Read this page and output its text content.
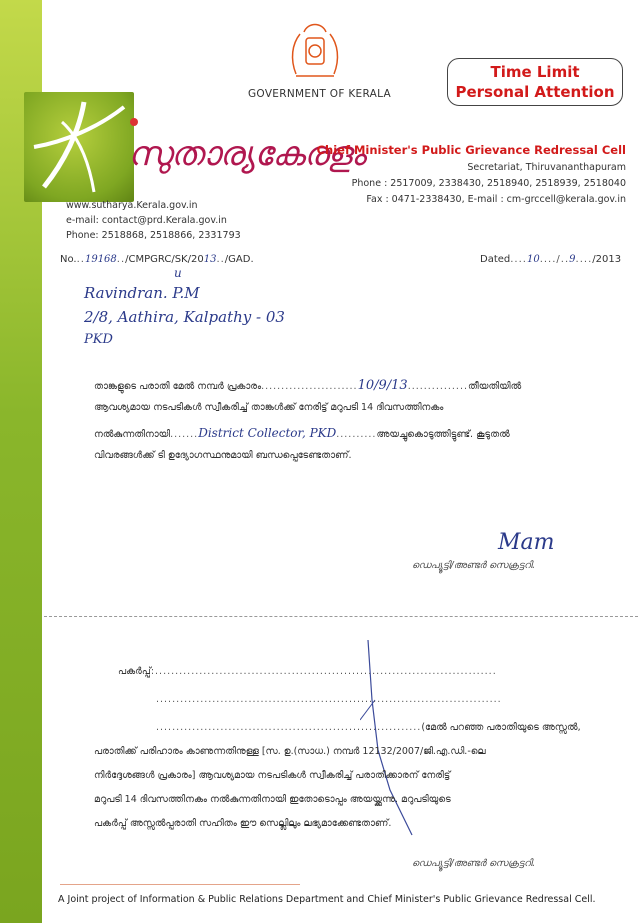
സുതാര്യകേരളം
GOVERNMENT OF KERALA
Time Limit
Personal Attention
Chief Minister's Public Grievance Redressal Cell
Secretariat, Thiruvananthapuram
Phone : 2517009, 2338430, 2518940, 2518939, 2518040
Fax : 0471-2338430, E-mail : cm-grccell@kerala.gov.in
www.sutharya.Kerala.gov.in
e-mail: contact@prd.Kerala.gov.in
Phone: 2518868, 2518866, 2331793
No...19168../CMPGRC/SK/2013../GAD.
u
Dated....10..../..9..../2013
Ravindran. P.M
2/8, Aathira, Kalpathy - 03
PKD
താങ്കളുടെ പരാതി മേൽ നമ്പർ പ്രകാരം........................10/9/13...............തീയതിയിൽ
ആവശ്യമായ നടപടികൾ സ്വീകരിച്ച് താങ്കൾക്ക് നേരിട്ട് മറുപടി 14 ദിവസത്തിനകം
നൽകുന്നതിനായി.......District Collector, PKD..........അയച്ചുകൊടുത്തിട്ടുണ്ട്. കൂടുതൽ
വിവരങ്ങൾക്ക് ടി ഉദ്യോഗസ്ഥനുമായി ബന്ധപ്പെടേണ്ടതാണ്.
Mam
ഡെപ്യൂട്ടി/അണ്ടർ സെക്രട്ടറി.
പകർപ്പ്:.....................................................................................
......................................................................................
..................................................................(മേൽ പറഞ്ഞ പരാതിയുടെ അസ്സൽ,
പരാതിക്ക് പരിഹാരം കാണുന്നതിനുള്ള [സ. ഉ.(സാധ.) നമ്പർ 12132/2007/ജി.എ.ഡി.-ലെ
നിർദ്ദേശങ്ങൾ പ്രകാരം] ആവശ്യമായ നടപടികൾ സ്വീകരിച്ച് പരാതിക്കാരന് നേരിട്ട്
മറുപടി 14 ദിവസത്തിനകം നൽകുന്നതിനായി ഇതോടൊപ്പം അയയ്ക്കുന്നു. മറുപടിയുടെ
പകർപ്പ് അസ്സൽപ്പരാതി സഹിതം ഈ സെല്ലിലും ലഭ്യമാക്കേണ്ടതാണ്.
ഡെപ്യൂട്ടി/അണ്ടർ സെക്രട്ടറി.
A Joint project of Information & Public Relations Department and Chief Minister's Public Grievance Redressal Cell.
